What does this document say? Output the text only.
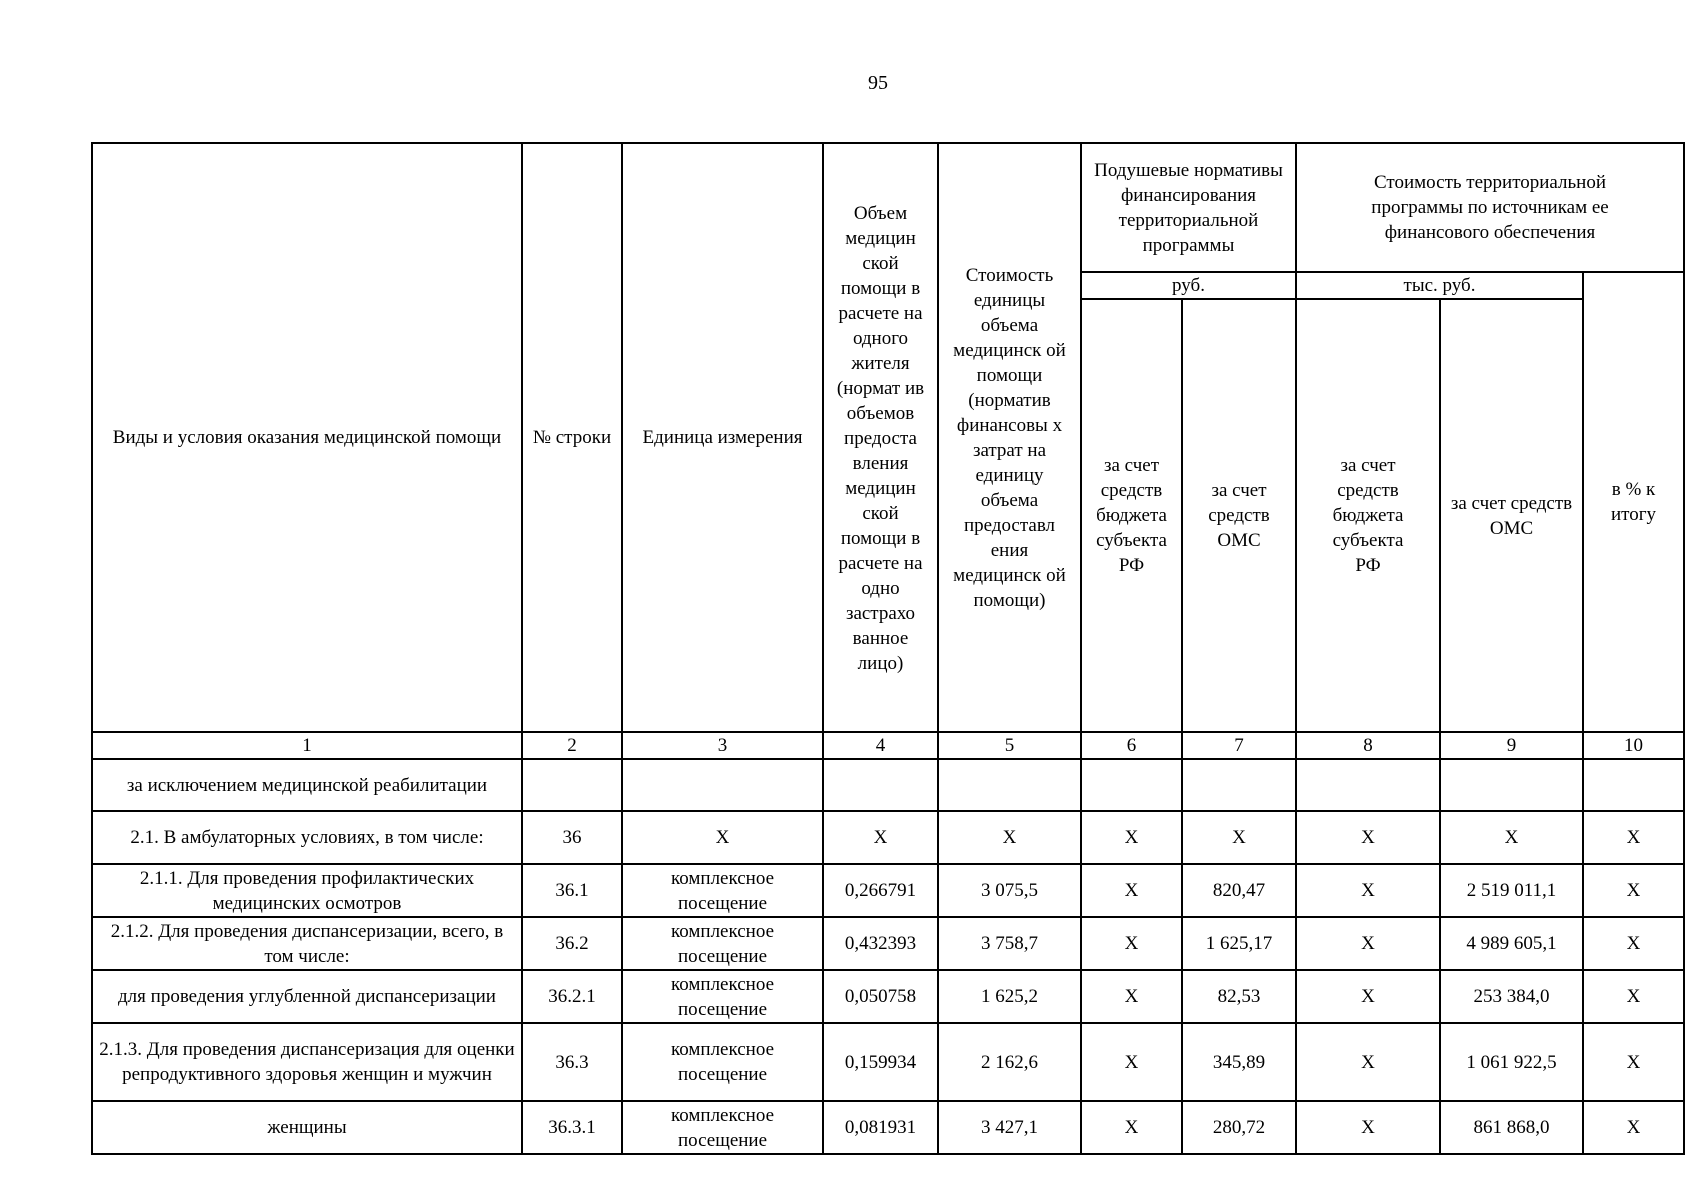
95
Виды и условия оказания медицинской помощи	№ строки	Единица измерения	Объем медицин ской помощи в расчете на одного жителя (нормат ив объемов предоста вления медицин ской помощи в расчете на одно застрахо ванное лицо)	Стоимость единицы объема медицинск ой помощи (норматив финансовы х затрат на единицу объема предоставл ения медицинск ой помощи)	Подушевые нормативы финансирования территориальной программы		Стоимость территориальной программы по источникам ее финансового обеспечения		
					руб.		тыс. руб.		в % к итогу
					за счет средств бюджета субъекта РФ	за счет средств ОМС	за счет средств бюджета субъекта РФ	за счет средств ОМС	
1	2	3	4	5	6	7	8	9	10
за исключением медицинской реабилитации									
2.1. В амбулаторных условиях, в том числе:	36	X	X	X	X	X	X	X	X
2.1.1. Для проведения профилактических медицинских осмотров	36.1	комплексное посещение	0,266791	3 075,5	X	820,47	X	2 519 011,1	X
2.1.2. Для проведения диспансеризации, всего, в том числе:	36.2	комплексное посещение	0,432393	3 758,7	X	1 625,17	X	4 989 605,1	X
для проведения углубленной диспансеризации	36.2.1	комплексное посещение	0,050758	1 625,2	X	82,53	X	253 384,0	X
2.1.3. Для проведения диспансеризация для оценки репродуктивного здоровья женщин и мужчин	36.3	комплексное посещение	0,159934	2 162,6	X	345,89	X	1 061 922,5	X
женщины	36.3.1	комплексное посещение	0,081931	3 427,1	X	280,72	X	861 868,0	X
